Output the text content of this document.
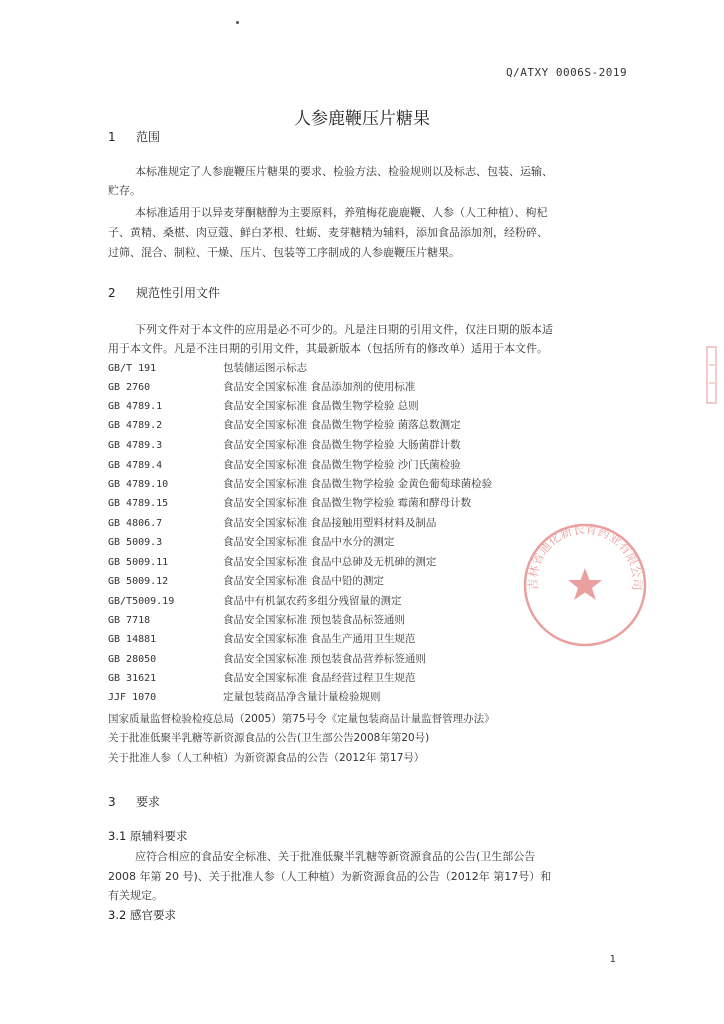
Q/ATXY 0006S-2019
人参鹿鞭压片糖果
1 范围
本标准规定了人参鹿鞭压片糖果的要求、检验方法、检验规则以及标志、包装、运输、
贮存。
本标准适用于以异麦芽酮糖醇为主要原料，养殖梅花鹿鹿鞭、人参（人工种植）、枸杞
子、黄精、桑椹、肉豆蔻、鲜白茅根、牡蛎、麦芽糖精为辅料，添加食品添加剂，经粉碎、
过筛、混合、制粒、干燥、压片、包装等工序制成的人参鹿鞭压片糖果。
2 规范性引用文件
下列文件对于本文件的应用是必不可少的。凡是注日期的引用文件，仅注日期的版本适
用于本文件。凡是不注日期的引用文件，其最新版本（包括所有的修改单）适用于本文件。
GB/T 191	包装储运图示标志
GB 2760	食品安全国家标准 食品添加剂的使用标准
GB 4789.1	食品安全国家标准 食品微生物学检验 总则
GB 4789.2	食品安全国家标准 食品微生物学检验 菌落总数测定
GB 4789.3	食品安全国家标准 食品微生物学检验 大肠菌群计数
GB 4789.4	食品安全国家标准 食品微生物学检验 沙门氏菌检验
GB 4789.10	食品安全国家标准 食品微生物学检验 金黄色葡萄球菌检验
GB 4789.15	食品安全国家标准 食品微生物学检验 霉菌和酵母计数
GB 4806.7	食品安全国家标准 食品接触用塑料材料及制品
GB 5009.3	食品安全国家标准 食品中水分的测定
GB 5009.11	食品安全国家标准 食品中总砷及无机砷的测定
GB 5009.12	食品安全国家标准 食品中铅的测定
GB/T5009.19	食品中有机氯农药多组分残留量的测定
GB 7718	食品安全国家标准 预包装食品标签通则
GB 14881	食品安全国家标准 食品生产通用卫生规范
GB 28050	食品安全国家标准 预包装食品营养标签通则
GB 31621	食品安全国家标准 食品经营过程卫生规范
JJF 1070	定量包装商品净含量计量检验规则
国家质量监督检验检疫总局（2005）第75号令《定量包装商品计量监督管理办法》
关于批准低聚半乳糖等新资源食品的公告(卫生部公告2008年第20号)
关于批准人参（人工种植）为新资源食品的公告（2012年 第17号）
3 要求
3.1 原辅料要求
应符合相应的食品安全标准、关于批准低聚半乳糖等新资源食品的公告(卫生部公告
2008 年第 20 号)、关于批准人参（人工种植）为新资源食品的公告（2012年 第17号）和
有关规定。
3.2 感官要求
吉林省通化新长青药业有限公司
1
